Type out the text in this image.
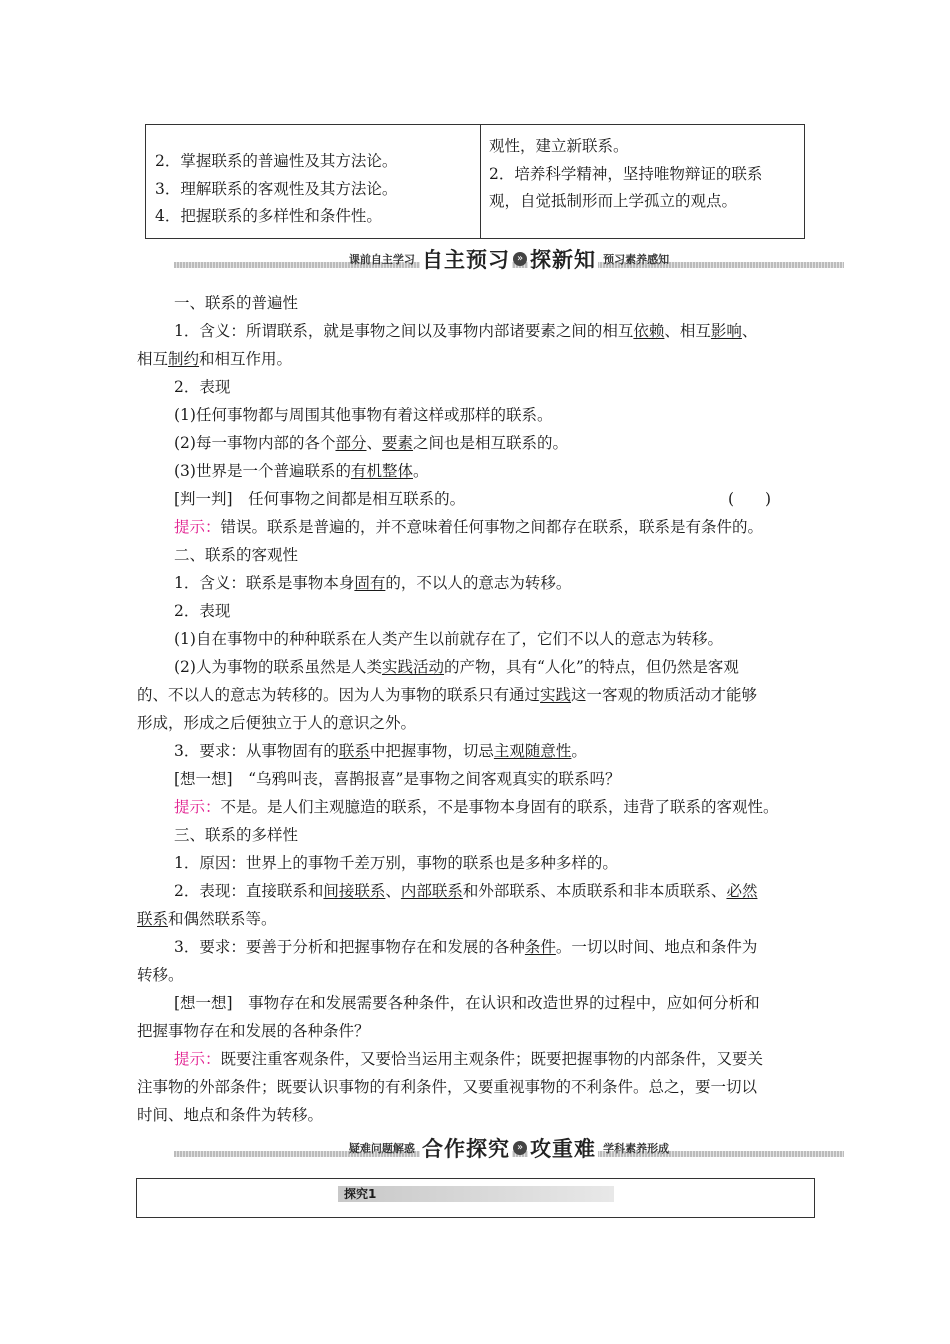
2．掌握联系的普遍性及其方法论。
3．理解联系的客观性及其方法论。
4．把握联系的多样性和条件性。
观性，建立新联系。
2．培养科学精神，坚持唯物辩证的联系
观，自觉抵制形而上学孤立的观点。
课前自主学习 自主预习 » 探新知 预习素养感知
一、联系的普遍性
1．含义：所谓联系，就是事物之间以及事物内部诸要素之间的相互依赖、相互影响、
相互制约和相互作用。
2．表现
(1)任何事物都与周围其他事物有着这样或那样的联系。
(2)每一事物内部的各个部分、要素之间也是相互联系的。
(3)世界是一个普遍联系的有机整体。
[判一判]　任何事物之间都是相互联系的。	(　　)
提示：错误。联系是普遍的，并不意味着任何事物之间都存在联系，联系是有条件的。
二、联系的客观性
1．含义：联系是事物本身固有的，不以人的意志为转移。
2．表现
(1)自在事物中的种种联系在人类产生以前就存在了，它们不以人的意志为转移。
(2)人为事物的联系虽然是人类实践活动的产物，具有“人化”的特点，但仍然是客观
的、不以人的意志为转移的。因为人为事物的联系只有通过实践这一客观的物质活动才能够
形成，形成之后便独立于人的意识之外。
3．要求：从事物固有的联系中把握事物，切忌主观随意性。
[想一想]　“乌鸦叫丧，喜鹊报喜”是事物之间客观真实的联系吗？
提示：不是。是人们主观臆造的联系，不是事物本身固有的联系，违背了联系的客观性。
三、联系的多样性
1．原因：世界上的事物千差万别，事物的联系也是多种多样的。
2．表现：直接联系和间接联系、内部联系和外部联系、本质联系和非本质联系、必然
联系和偶然联系等。
3．要求：要善于分析和把握事物存在和发展的各种条件。一切以时间、地点和条件为
转移。
[想一想]　事物存在和发展需要各种条件，在认识和改造世界的过程中，应如何分析和
把握事物存在和发展的各种条件？
提示：既要注重客观条件，又要恰当运用主观条件；既要把握事物的内部条件，又要关
注事物的外部条件；既要认识事物的有利条件，又要重视事物的不利条件。总之，要一切以
时间、地点和条件为转移。
疑难问题解惑 合作探究 » 攻重难 学科素养形成
探究1
